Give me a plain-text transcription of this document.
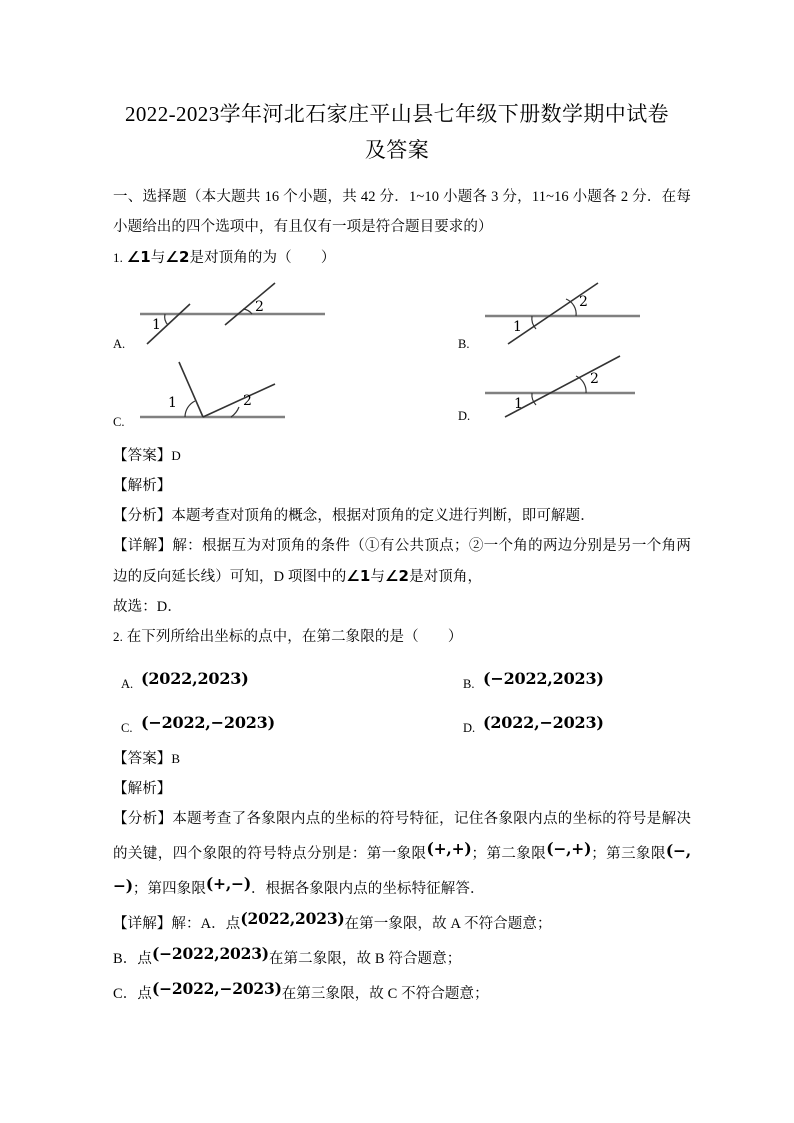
2022-2023学年河北石家庄平山县七年级下册数学期中试卷
及答案

一、选择题（本大题共 16 个小题，共 42 分．1~10 小题各 3 分，11~16 小题各 2 分．在每小题给出的四个选项中，有且仅有一项是符合题目要求的）

1. ∠1与∠2是对顶角的为（　　）

A.
1
2
B.
1
2
C.
1	2
D.
1
2

【答案】D

【解析】

【分析】本题考查对顶角的概念，根据对顶角的定义进行判断，即可解题．

【详解】解：根据互为对顶角的条件（①有公共顶点；②一个角的两边分别是另一个角两边的反向延长线）可知，D 项图中的∠1与∠2是对顶角，

故选：D．

2. 在下列所给出坐标的点中，在第二象限的是（　　）

A. (2022,2023)	B. (−2022,2023)
C. (−2022,−2023)	D. (2022,−2023)

【答案】B

【解析】

【分析】本题考查了各象限内点的坐标的符号特征，记住各象限内点的坐标的符号是解决的关键，四个象限的符号特点分别是：第一象限(+,+)；第二象限(−,+)；第三象限(−,−)；第四象限(+,−)．根据各象限内点的坐标特征解答．

【详解】解：A．点(2022,2023)在第一象限，故 A 不符合题意；

B．点(−2022,2023)在第二象限，故 B 符合题意；

C．点(−2022,−2023)在第三象限，故 C 不符合题意；
